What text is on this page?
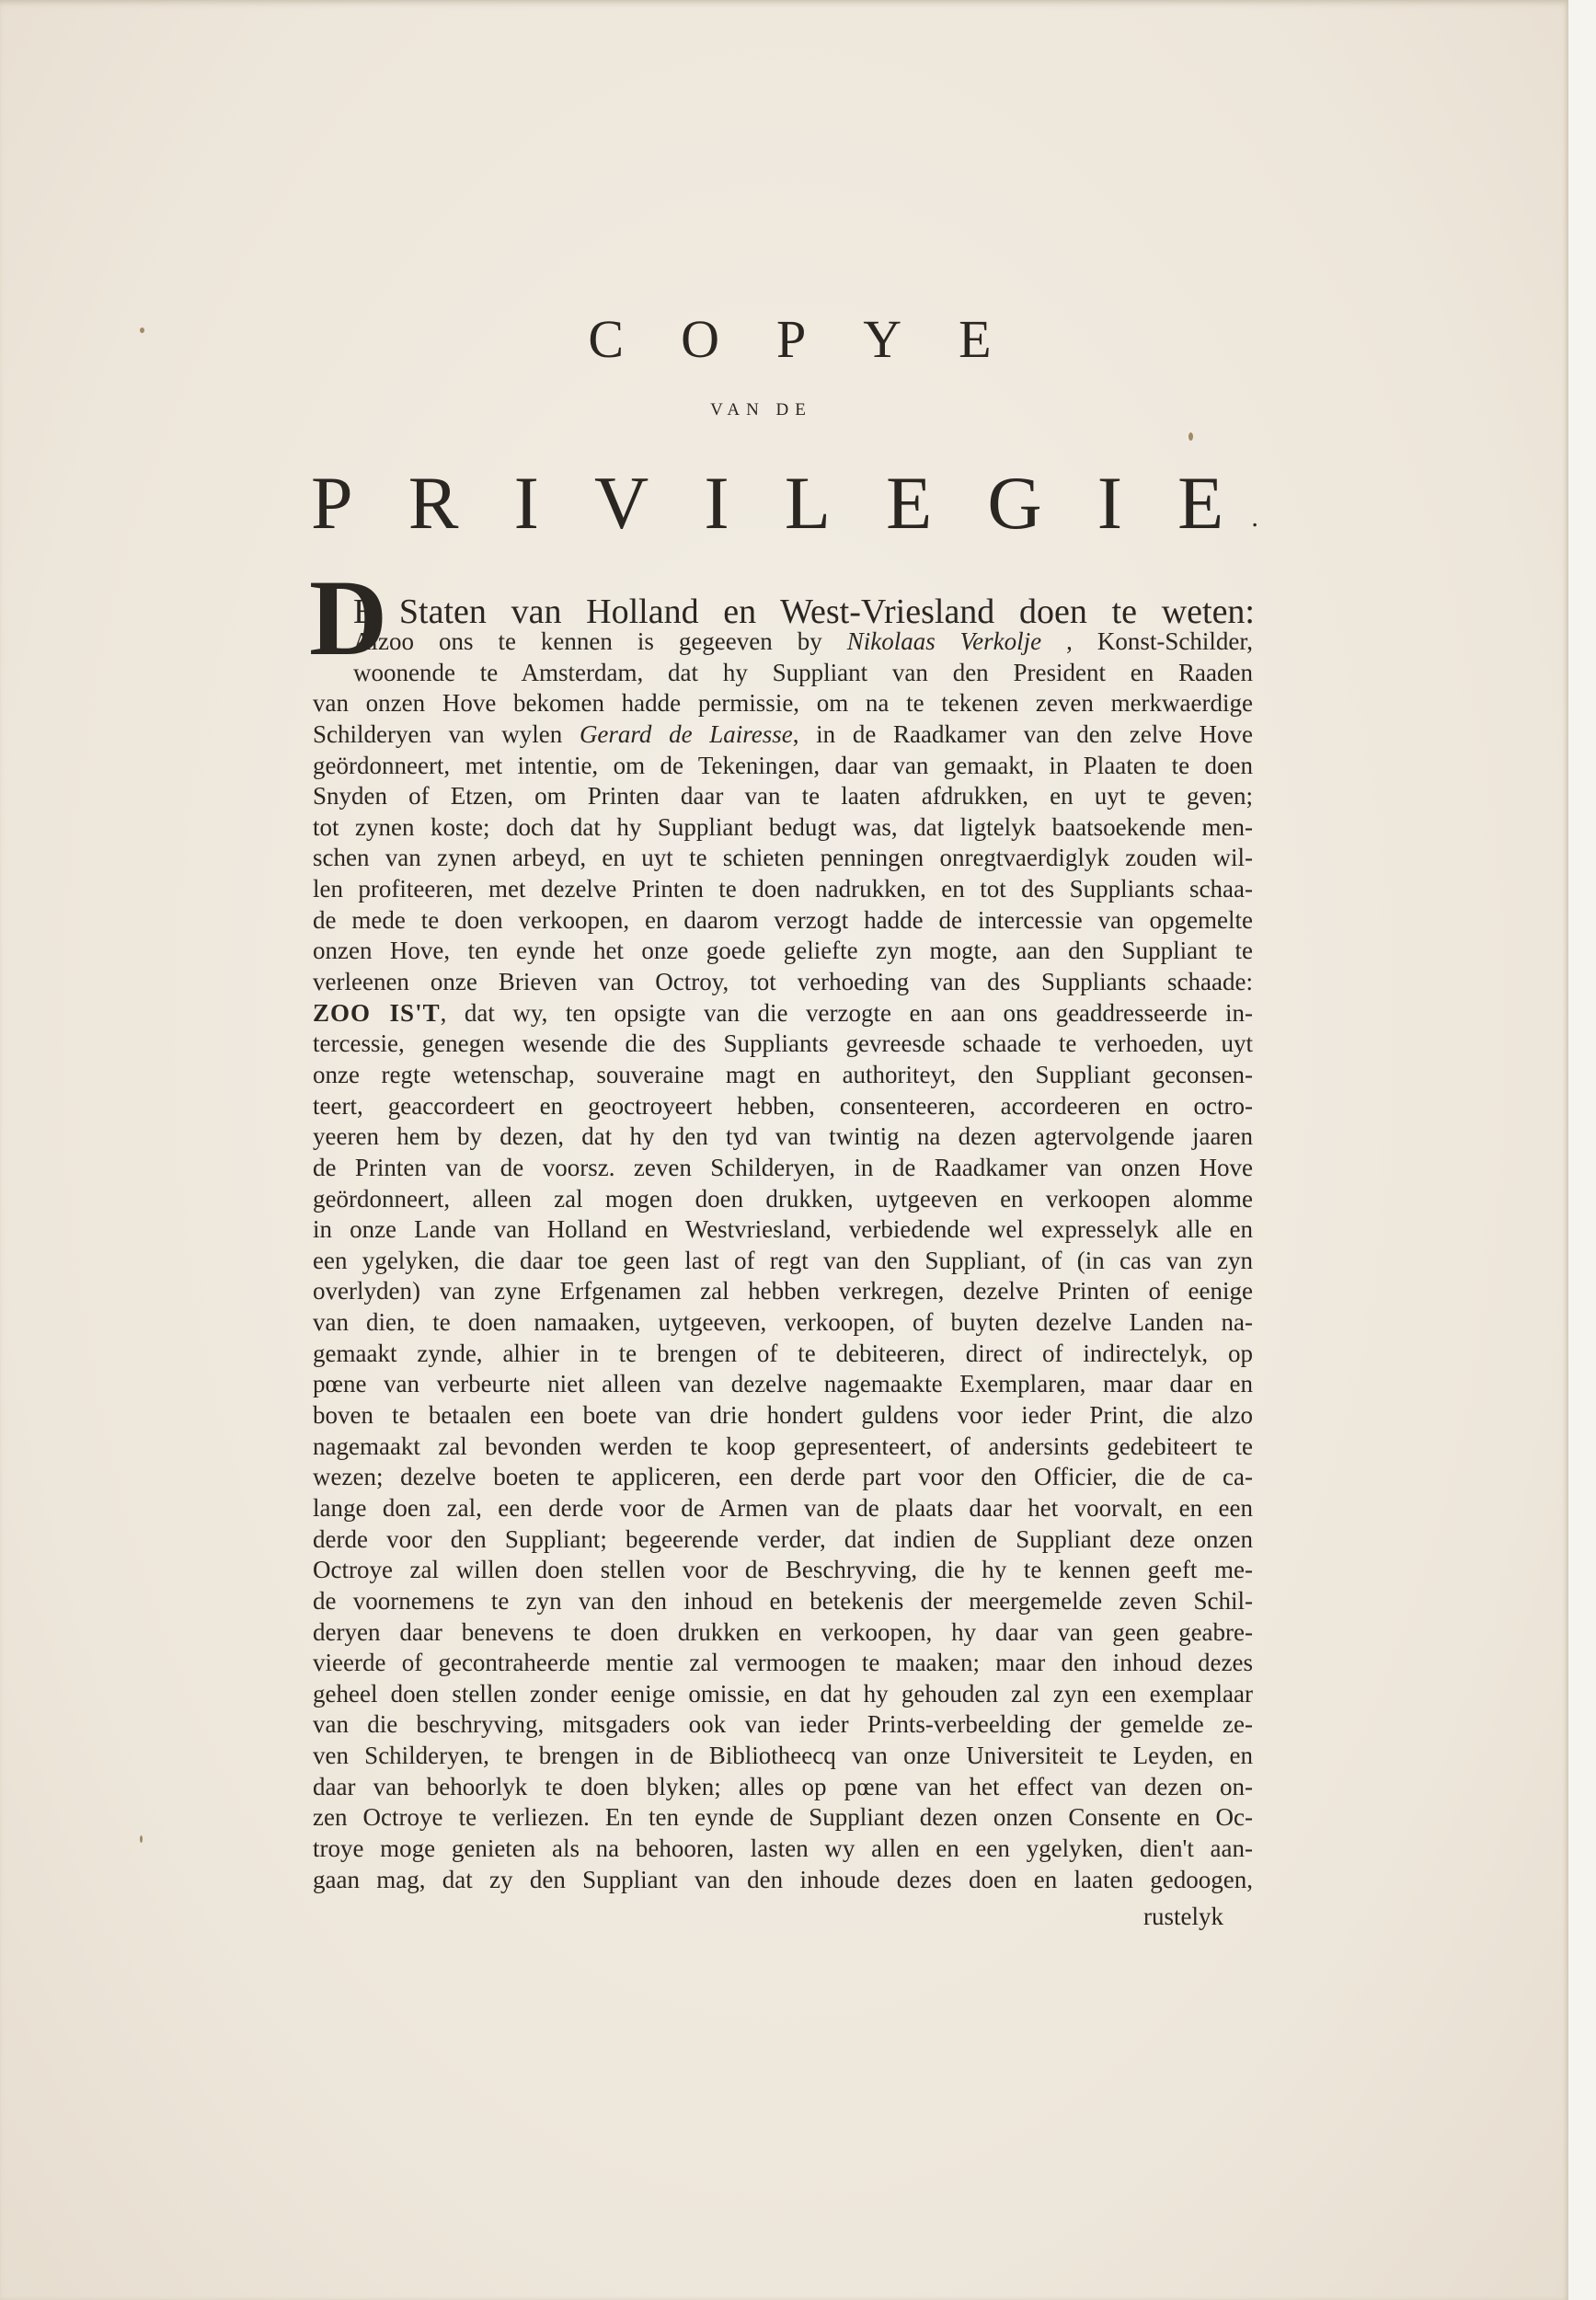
COPYE
VAN DE
P R I V I L E G I E .
D
E Staten van Holland en West-Vriesland doen te weten:
Alzoo ons te kennen is gegeeven by Nikolaas Verkolje , Konst-Schilder,
woonende te Amsterdam, dat hy Suppliant van den President en Raaden
van onzen Hove bekomen hadde permissie, om na te tekenen zeven merkwaerdige
Schilderyen van wylen Gerard de Lairesse, in de Raadkamer van den zelve Hove
geördonneert, met intentie, om de Tekeningen, daar van gemaakt, in Plaaten te doen
Snyden of Etzen, om Printen daar van te laaten afdrukken, en uyt te geven;
tot zynen koste; doch dat hy Suppliant bedugt was, dat ligtelyk baatsoekende men-
schen van zynen arbeyd, en uyt te schieten penningen onregtvaerdiglyk zouden wil-
len profiteeren, met dezelve Printen te doen nadrukken, en tot des Suppliants schaa-
de mede te doen verkoopen, en daarom verzogt hadde de intercessie van opgemelte
onzen Hove, ten eynde het onze goede geliefte zyn mogte, aan den Suppliant te
verleenen onze Brieven van Octroy, tot verhoeding van des Suppliants schaade:
ZOO IS'T, dat wy, ten opsigte van die verzogte en aan ons geaddresseerde in-
tercessie, genegen wesende die des Suppliants gevreesde schaade te verhoeden, uyt
onze regte wetenschap, souveraine magt en authoriteyt, den Suppliant geconsen-
teert, geaccordeert en geoctroyeert hebben, consenteeren, accordeeren en octro-
yeeren hem by dezen, dat hy den tyd van twintig na dezen agtervolgende jaaren
de Printen van de voorsz. zeven Schilderyen, in de Raadkamer van onzen Hove
geördonneert, alleen zal mogen doen drukken, uytgeeven en verkoopen alomme
in onze Lande van Holland en Westvriesland, verbiedende wel expresselyk alle en
een ygelyken, die daar toe geen last of regt van den Suppliant, of (in cas van zyn
overlyden) van zyne Erfgenamen zal hebben verkregen, dezelve Printen of eenige
van dien, te doen namaaken, uytgeeven, verkoopen, of buyten dezelve Landen na-
gemaakt zynde, alhier in te brengen of te debiteeren, direct of indirectelyk, op
pœne van verbeurte niet alleen van dezelve nagemaakte Exemplaren, maar daar en
boven te betaalen een boete van drie hondert guldens voor ieder Print, die alzo
nagemaakt zal bevonden werden te koop gepresenteert, of andersints gedebiteert te
wezen; dezelve boeten te appliceren, een derde part voor den Officier, die de ca-
lange doen zal, een derde voor de Armen van de plaats daar het voorvalt, en een
derde voor den Suppliant; begeerende verder, dat indien de Suppliant deze onzen
Octroye zal willen doen stellen voor de Beschryving, die hy te kennen geeft me-
de voornemens te zyn van den inhoud en betekenis der meergemelde zeven Schil-
deryen daar benevens te doen drukken en verkoopen, hy daar van geen geabre-
vieerde of gecontraheerde mentie zal vermoogen te maaken; maar den inhoud dezes
geheel doen stellen zonder eenige omissie, en dat hy gehouden zal zyn een exemplaar
van die beschryving, mitsgaders ook van ieder Prints-verbeelding der gemelde ze-
ven Schilderyen, te brengen in de Bibliotheecq van onze Universiteit te Leyden, en
daar van behoorlyk te doen blyken; alles op pœne van het effect van dezen on-
zen Octroye te verliezen. En ten eynde de Suppliant dezen onzen Consente en Oc-
troye moge genieten als na behooren, lasten wy allen en een ygelyken, dien't aan-
gaan mag, dat zy den Suppliant van den inhoude dezes doen en laaten gedoogen,
rustelyk
